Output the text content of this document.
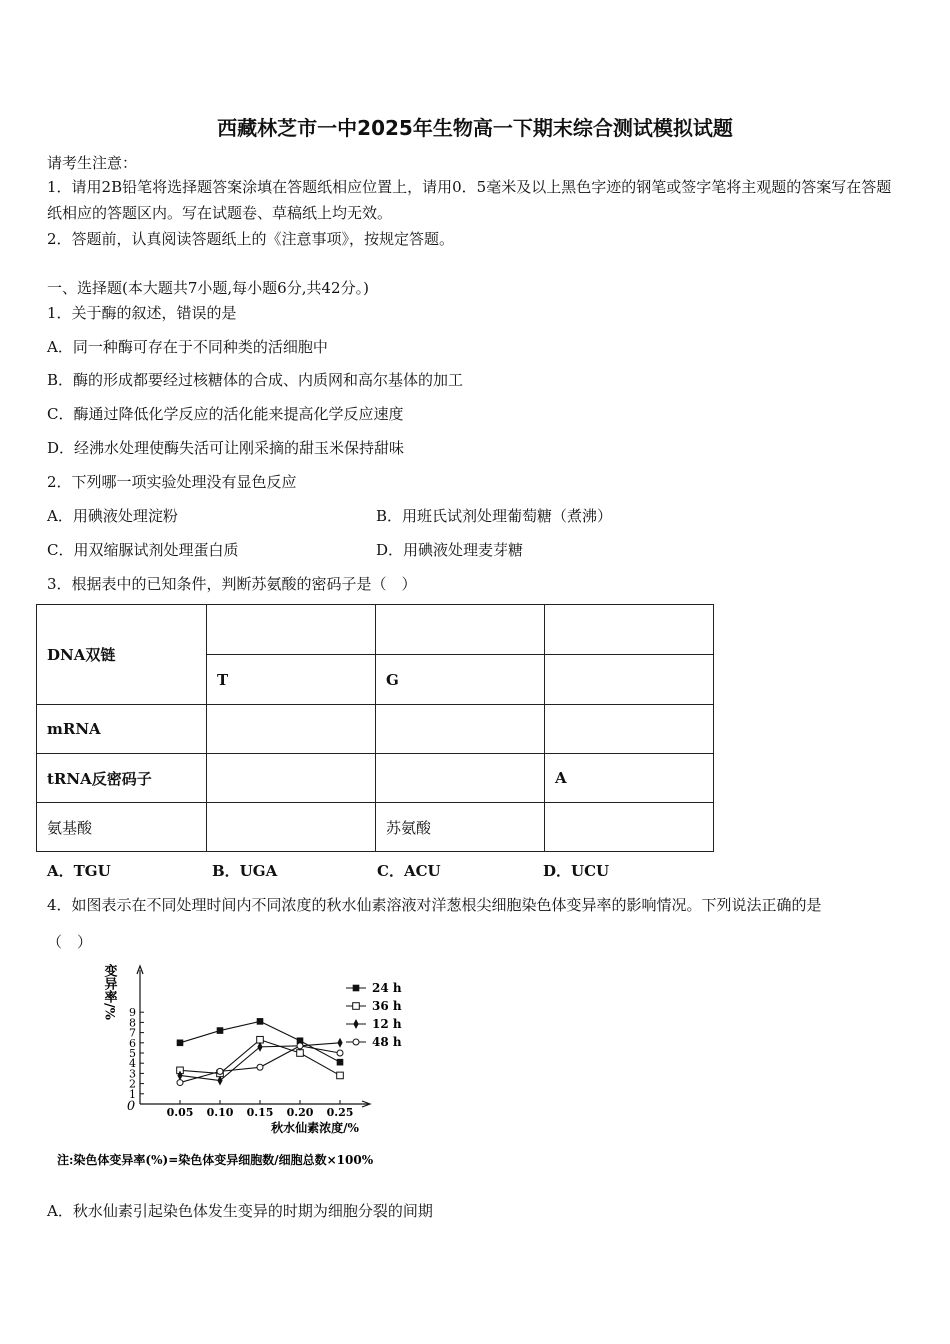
西藏林芝市一中2025年生物高一下期末综合测试模拟试题
请考生注意：
1．请用2B铅笔将选择题答案涂填在答题纸相应位置上，请用0．5毫米及以上黑色字迹的钢笔或签字笔将主观题的答案写在答题纸相应的答题区内。写在试题卷、草稿纸上均无效。
2．答题前，认真阅读答题纸上的《注意事项》，按规定答题。
一、选择题(本大题共7小题,每小题6分,共42分。)
1．关于酶的叙述，错误的是
A．同一种酶可存在于不同种类的活细胞中
B．酶的形成都要经过核糖体的合成、内质网和高尔基体的加工
C．酶通过降低化学反应的活化能来提高化学反应速度
D．经沸水处理使酶失活可让刚采摘的甜玉米保持甜味
2．下列哪一项实验处理没有显色反应
A．用碘液处理淀粉	B．用班氏试剂处理葡萄糖（煮沸）
C．用双缩脲试剂处理蛋白质	D．用碘液处理麦芽糖
3．根据表中的已知条件，判断苏氨酸的密码子是（　）
DNA双链			
	T	G	
mRNA			
tRNA反密码子			A
氨基酸		苏氨酸	
A．TGU	B．UGA	C．ACU	D．UCU
4．如图表示在不同处理时间内不同浓度的秋水仙素溶液对洋葱根尖细胞染色体变异率的影响情况。下列说法正确的是
（　）
变异率/%
0
1
2
3
4
5
6
7
8
9
0.05 0.10 0.15 0.20 0.25
24 h
36 h
12 h
48 h
秋水仙素浓度/%
注:染色体变异率(%)=染色体变异细胞数/细胞总数×100%
A．秋水仙素引起染色体发生变异的时期为细胞分裂的间期
